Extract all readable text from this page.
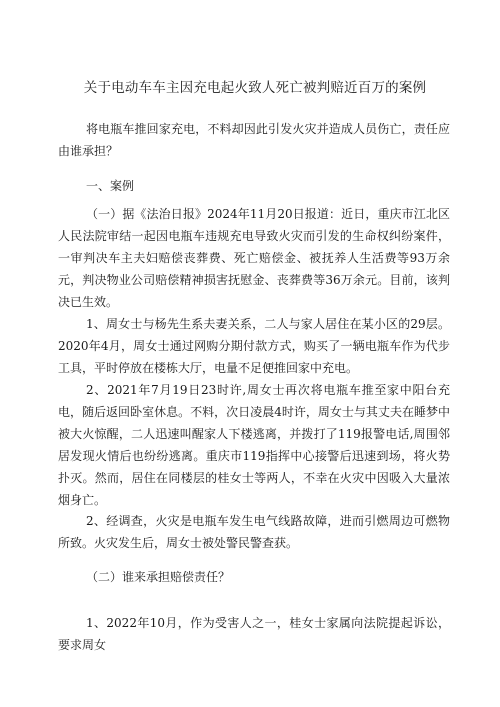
关于电动车车主因充电起火致人死亡被判赔近百万的案例

将电瓶车推回家充电，不料却因此引发火灾并造成人员伤亡，责任应由谁承担？

一、案例

（一）据《法治日报》2024年11月20日报道：近日，重庆市江北区人民法院审结一起因电瓶车违规充电导致火灾而引发的生命权纠纷案件，一审判决车主夫妇赔偿丧葬费、死亡赔偿金、被抚养人生活费等93万余元，判决物业公司赔偿精神损害抚慰金、丧葬费等36万余元。目前，该判决已生效。

1、周女士与杨先生系夫妻关系，二人与家人居住在某小区的29层。2020年4月，周女士通过网购分期付款方式，购买了一辆电瓶车作为代步工具，平时停放在楼栋大厅，电量不足便推回家中充电。

2、2021年7月19日23时许,周女士再次将电瓶车推至家中阳台充电，随后返回卧室休息。不料，次日凌晨4时许，周女士与其丈夫在睡梦中被大火惊醒，二人迅速叫醒家人下楼逃离，并拨打了119报警电话,周围邻居发现火情后也纷纷逃离。重庆市119指挥中心接警后迅速到场，将火势扑灭。然而，居住在同楼层的桂女士等两人，不幸在火灾中因吸入大量浓烟身亡。

2、经调查，火灾是电瓶车发生电气线路故障，进而引燃周边可燃物所致。火灾发生后，周女士被处警民警查获。

（二）谁来承担赔偿责任？

1、2022年10月，作为受害人之一，桂女士家属向法院提起诉讼，要求周女
